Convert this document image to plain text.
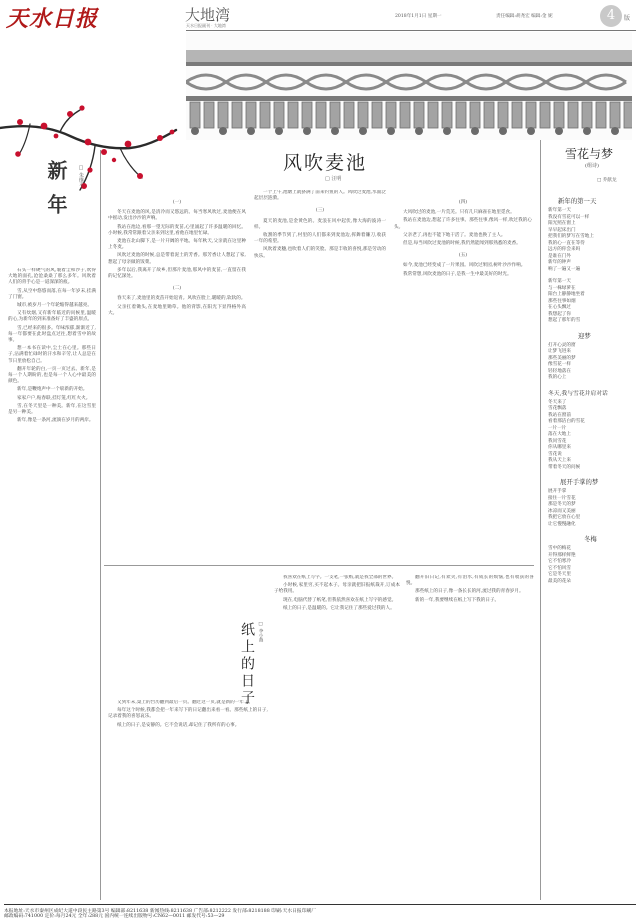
天水日报	大地湾
天水日报副刊 · 大地湾
2018年1月1日 星期一	责任编辑:胡尧宏 编辑:金 妮	4	版
新年	□ 朱继平

石头一样硬气的风,裹着尘和沙子,吹得大地的面孔,沧沧桑桑了那么多年。风吹着人们的背手心是一道深深的痕。

雪,从空中悠悠而落,在每一年岁末,挂满了门窗。

城市,被岁月一个年轮缩得越来越亮。

又有炊烟,又有新年临近的问候里,温暖的心,为新年的到来准备好了丰盛的原点。

雪,已经来的很多。年味浓郁,渐渐近了,每一年都要在此时盘点过往,想着雪中的故事。

想一本书在读中,尘土在心里。那些日子,沾满着忙碌时的汗水和辛劳,让人总是在节日里放松自己。

翻开年轮的白,一页一页过去。新年,是每一个人期盼的,也是每一个人心中最美的颜色。

新年,是鞭炮声中一个崭新的开始。

家家户户,贴春联,挂灯笼,红红火火。

雪,在冬天里是一种美。新年,在这雪里是另一种美。

新年,像是一条河,流淌在岁月的两岸。

风吹麦池
□ 汪明
(一)

冬天在麦池的风,是清冷而又悠远的。每当寒风吹过,麦池便在风中摇动,发出沙沙的声响。

我站在池边,看那一望无际的麦苗,心里涌起了许多温暖的回忆。小时候,我常常跟着父亲来到这里,看他在地里忙碌。

麦池在北山脚下,是一片开阔的平地。每年秋天,父亲就在这里种上冬麦。

风吹过麦池的时候,总是带着泥土的芳香。那芳香让人想起了家,想起了母亲做的饭菜。

多年以后,我离开了故乡,但那片麦池,那风中的麦苗,一直留在我的记忆深处。

(二)

春天来了,麦池里的麦苗开始返青。风吹在脸上,暖暖的,软软的。

父亲扛着锄头,在麦地里锄草。他的背影,在阳光下显得格外高大。

一个上午,池塘上就挤满了前来钓鱼的人。风吹过麦池,水面泛起层层涟漪。

(三)

夏天的麦池,是金黄色的。麦浪在风中起伏,像大海的波涛一样。

收割的季节到了,村里的人们都来到麦池边,挥舞着镰刀,收获一年的希望。

风吹着麦穗,也吹着人们的笑脸。那是丰收的喜悦,那是劳动的快乐。

(四)

大风吹过的麦池,一片荒芜。只有几只麻雀在地里觅食。

我站在麦池边,想起了许多往事。那些往事,像风一样,吹过我的心头。

父亲老了,再也不能下地干活了。麦池也换了主人。

但是,每当风吹过麦池的时候,我仍然能闻到那熟悉的麦香。

(五)

如今,麦池已经变成了一片果园。风吹过果园,树叶沙沙作响。

我常常想,风吹麦池的日子,是我一生中最美好的时光。

纸上的日子 □ 李小燕

又到年末,桌上的台历翻到最后一页。翻过这一页,就是新的一年了。

每年这个时候,我都会把一年来写下的日记翻出来看一看。那些纸上的日子,记录着我的喜怒哀乐。

纸上的日子,是安静的。它不会说话,却记住了我所有的心事。

我喜欢在纸上写字。一支笔,一张纸,就是我全部的世界。

小时候,家里穷,买不起本子。母亲就把旧报纸裁开,订成本子给我用。

现在,电脑代替了纸笔,但我依然喜欢在纸上写字的感觉。

纸上的日子,是温暖的。它让我记住了那些爱过我的人。

翻开旧日记,有欢笑,有泪水,有成长的烦恼,也有收获的喜悦。

那些纸上的日子,像一条长长的河,流过我的青春岁月。

新的一年,我要继续在纸上写下我的日子。

雪花与梦
(组诗)
□ 乔献龙
新年的第一天
新年第一天
我没有雪花可以一样
阳光照在窗上
早早起床出门
把我们的梦写在雪地上
我的心一直在等待
远方的你会来吗
是谁在门外
新年的钟声
响了一遍又一遍
新年第一天
与一株绿萝在
阳台上静静地坐着
那些往事如烟
在心头飘过
我想起了你
想起了那年的雪
迎梦
打开心灵的窗
让梦飞进来
那些美丽的梦
像雪花一样
轻轻地落在
我的心上
冬天,我与雪花并肩对话
冬天来了
雪花飘落
我站在窗前
看着那洁白的雪花
一片一片
落在大地上
我问雪花
你从哪里来
雪花说
我从天上来
带着冬天的问候
展开手掌的梦
展开手掌
接住一片雪花
那是冬天的梦
冰凉而又美丽
我把它放在心里
让它慢慢融化
冬梅
雪中的梅花
开得那样鲜艳
它不怕寒冷
它不怕风雪
它是冬天里
最美的花朵
本报地址:天水市秦州区成纪大道中段民主路第3号 编辑部:8211638 新闻热线:8211638 广告部:8212222 发行部:8218188 印刷:天水日报印刷厂
邮政编码:741000 定价:每月24元 全年:288元 国内统一连续出版物号:CN62—0011 邮发代号:53—29
